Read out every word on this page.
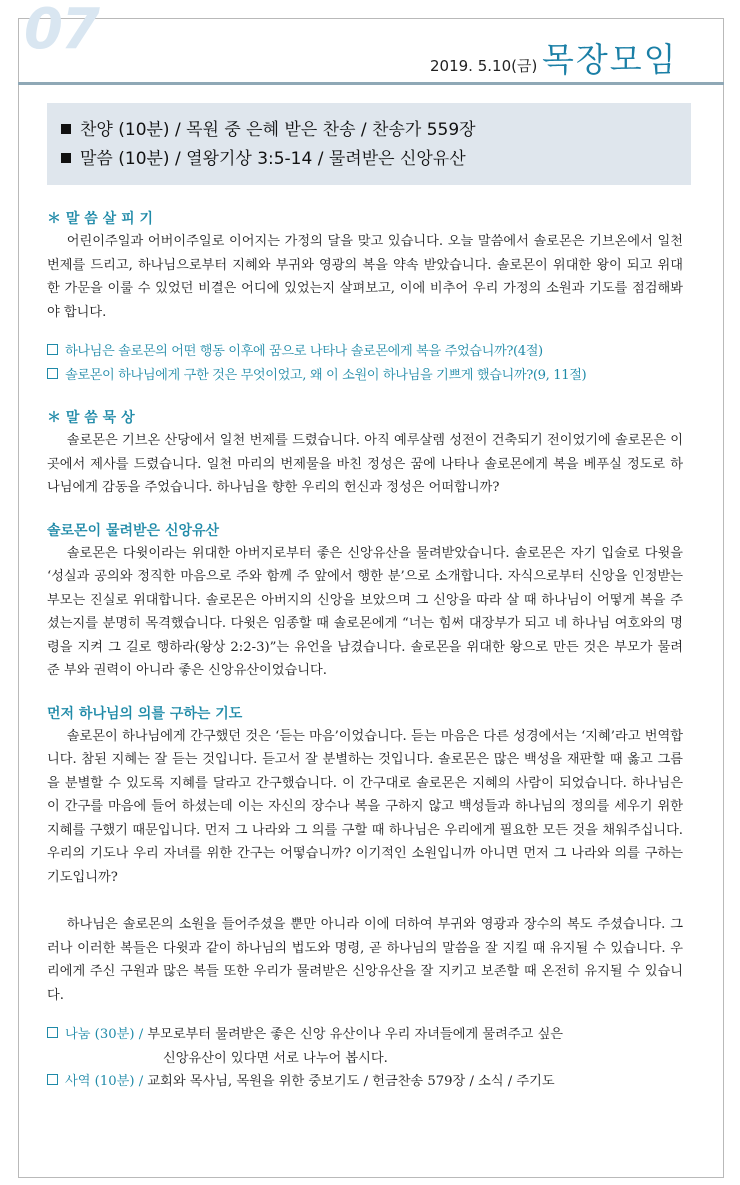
07
2019. 5.10(금) 목장모임
찬양 (10분) / 목원 중 은혜 받은 찬송 / 찬송가 559장
말씀 (10분) / 열왕기상 3:5-14 / 물려받은 신앙유산

＊ 말 씀 살 피 기

어린이주일과 어버이주일로 이어지는 가정의 달을 맞고 있습니다. 오늘 말씀에서 솔로몬은 기브온에서 일천 번제를 드리고, 하나님으로부터 지혜와 부귀와 영광의 복을 약속 받았습니다. 솔로몬이 위대한 왕이 되고 위대한 가문을 이룰 수 있었던 비결은 어디에 있었는지 살펴보고, 이에 비추어 우리 가정의 소원과 기도를 점검해봐야 합니다.

하나님은 솔로몬의 어떤 행동 이후에 꿈으로 나타나 솔로몬에게 복을 주었습니까?(4절)

솔로몬이 하나님에게 구한 것은 무엇이었고, 왜 이 소원이 하나님을 기쁘게 했습니까?(9, 11절)

＊ 말 씀 묵 상

솔로몬은 기브온 산당에서 일천 번제를 드렸습니다. 아직 예루살렘 성전이 건축되기 전이었기에 솔로몬은 이곳에서 제사를 드렸습니다. 일천 마리의 번제물을 바친 정성은 꿈에 나타나 솔로몬에게 복을 베푸실 정도로 하나님에게 감동을 주었습니다. 하나님을 향한 우리의 헌신과 정성은 어떠합니까?

솔로몬이 물려받은 신앙유산

솔로몬은 다윗이라는 위대한 아버지로부터 좋은 신앙유산을 물려받았습니다. 솔로몬은 자기 입술로 다윗을 ‘성실과 공의와 정직한 마음으로 주와 함께 주 앞에서 행한 분’으로 소개합니다. 자식으로부터 신앙을 인정받는 부모는 진실로 위대합니다. 솔로몬은 아버지의 신앙을 보았으며 그 신앙을 따라 살 때 하나님이 어떻게 복을 주셨는지를 분명히 목격했습니다. 다윗은 임종할 때 솔로몬에게 “너는 힘써 대장부가 되고 네 하나님 여호와의 명령을 지켜 그 길로 행하라(왕상 2:2-3)”는 유언을 남겼습니다. 솔로몬을 위대한 왕으로 만든 것은 부모가 물려준 부와 권력이 아니라 좋은 신앙유산이었습니다.

먼저 하나님의 의를 구하는 기도

솔로몬이 하나님에게 간구했던 것은 ‘듣는 마음’이었습니다. 듣는 마음은 다른 성경에서는 ‘지혜’라고 번역합니다. 참된 지혜는 잘 듣는 것입니다. 듣고서 잘 분별하는 것입니다. 솔로몬은 많은 백성을 재판할 때 옳고 그름을 분별할 수 있도록 지혜를 달라고 간구했습니다. 이 간구대로 솔로몬은 지혜의 사람이 되었습니다. 하나님은 이 간구를 마음에 들어 하셨는데 이는 자신의 장수나 복을 구하지 않고 백성들과 하나님의 정의를 세우기 위한 지혜를 구했기 때문입니다. 먼저 그 나라와 그 의를 구할 때 하나님은 우리에게 필요한 모든 것을 채워주십니다. 우리의 기도나 우리 자녀를 위한 간구는 어떻습니까? 이기적인 소원입니까 아니면 먼저 그 나라와 의를 구하는 기도입니까?

하나님은 솔로몬의 소원을 들어주셨을 뿐만 아니라 이에 더하여 부귀와 영광과 장수의 복도 주셨습니다. 그러나 이러한 복들은 다윗과 같이 하나님의 법도와 명령, 곧 하나님의 말씀을 잘 지킬 때 유지될 수 있습니다. 우리에게 주신 구원과 많은 복들 또한 우리가 물려받은 신앙유산을 잘 지키고 보존할 때 온전히 유지될 수 있습니다.

나눔 (30분) / 부모로부터 물려받은 좋은 신앙 유산이나 우리 자녀들에게 물려주고 싶은

신앙유산이 있다면 서로 나누어 봅시다.

사역 (10분) / 교회와 목사님, 목원을 위한 중보기도 / 헌금찬송 579장 / 소식 / 주기도
